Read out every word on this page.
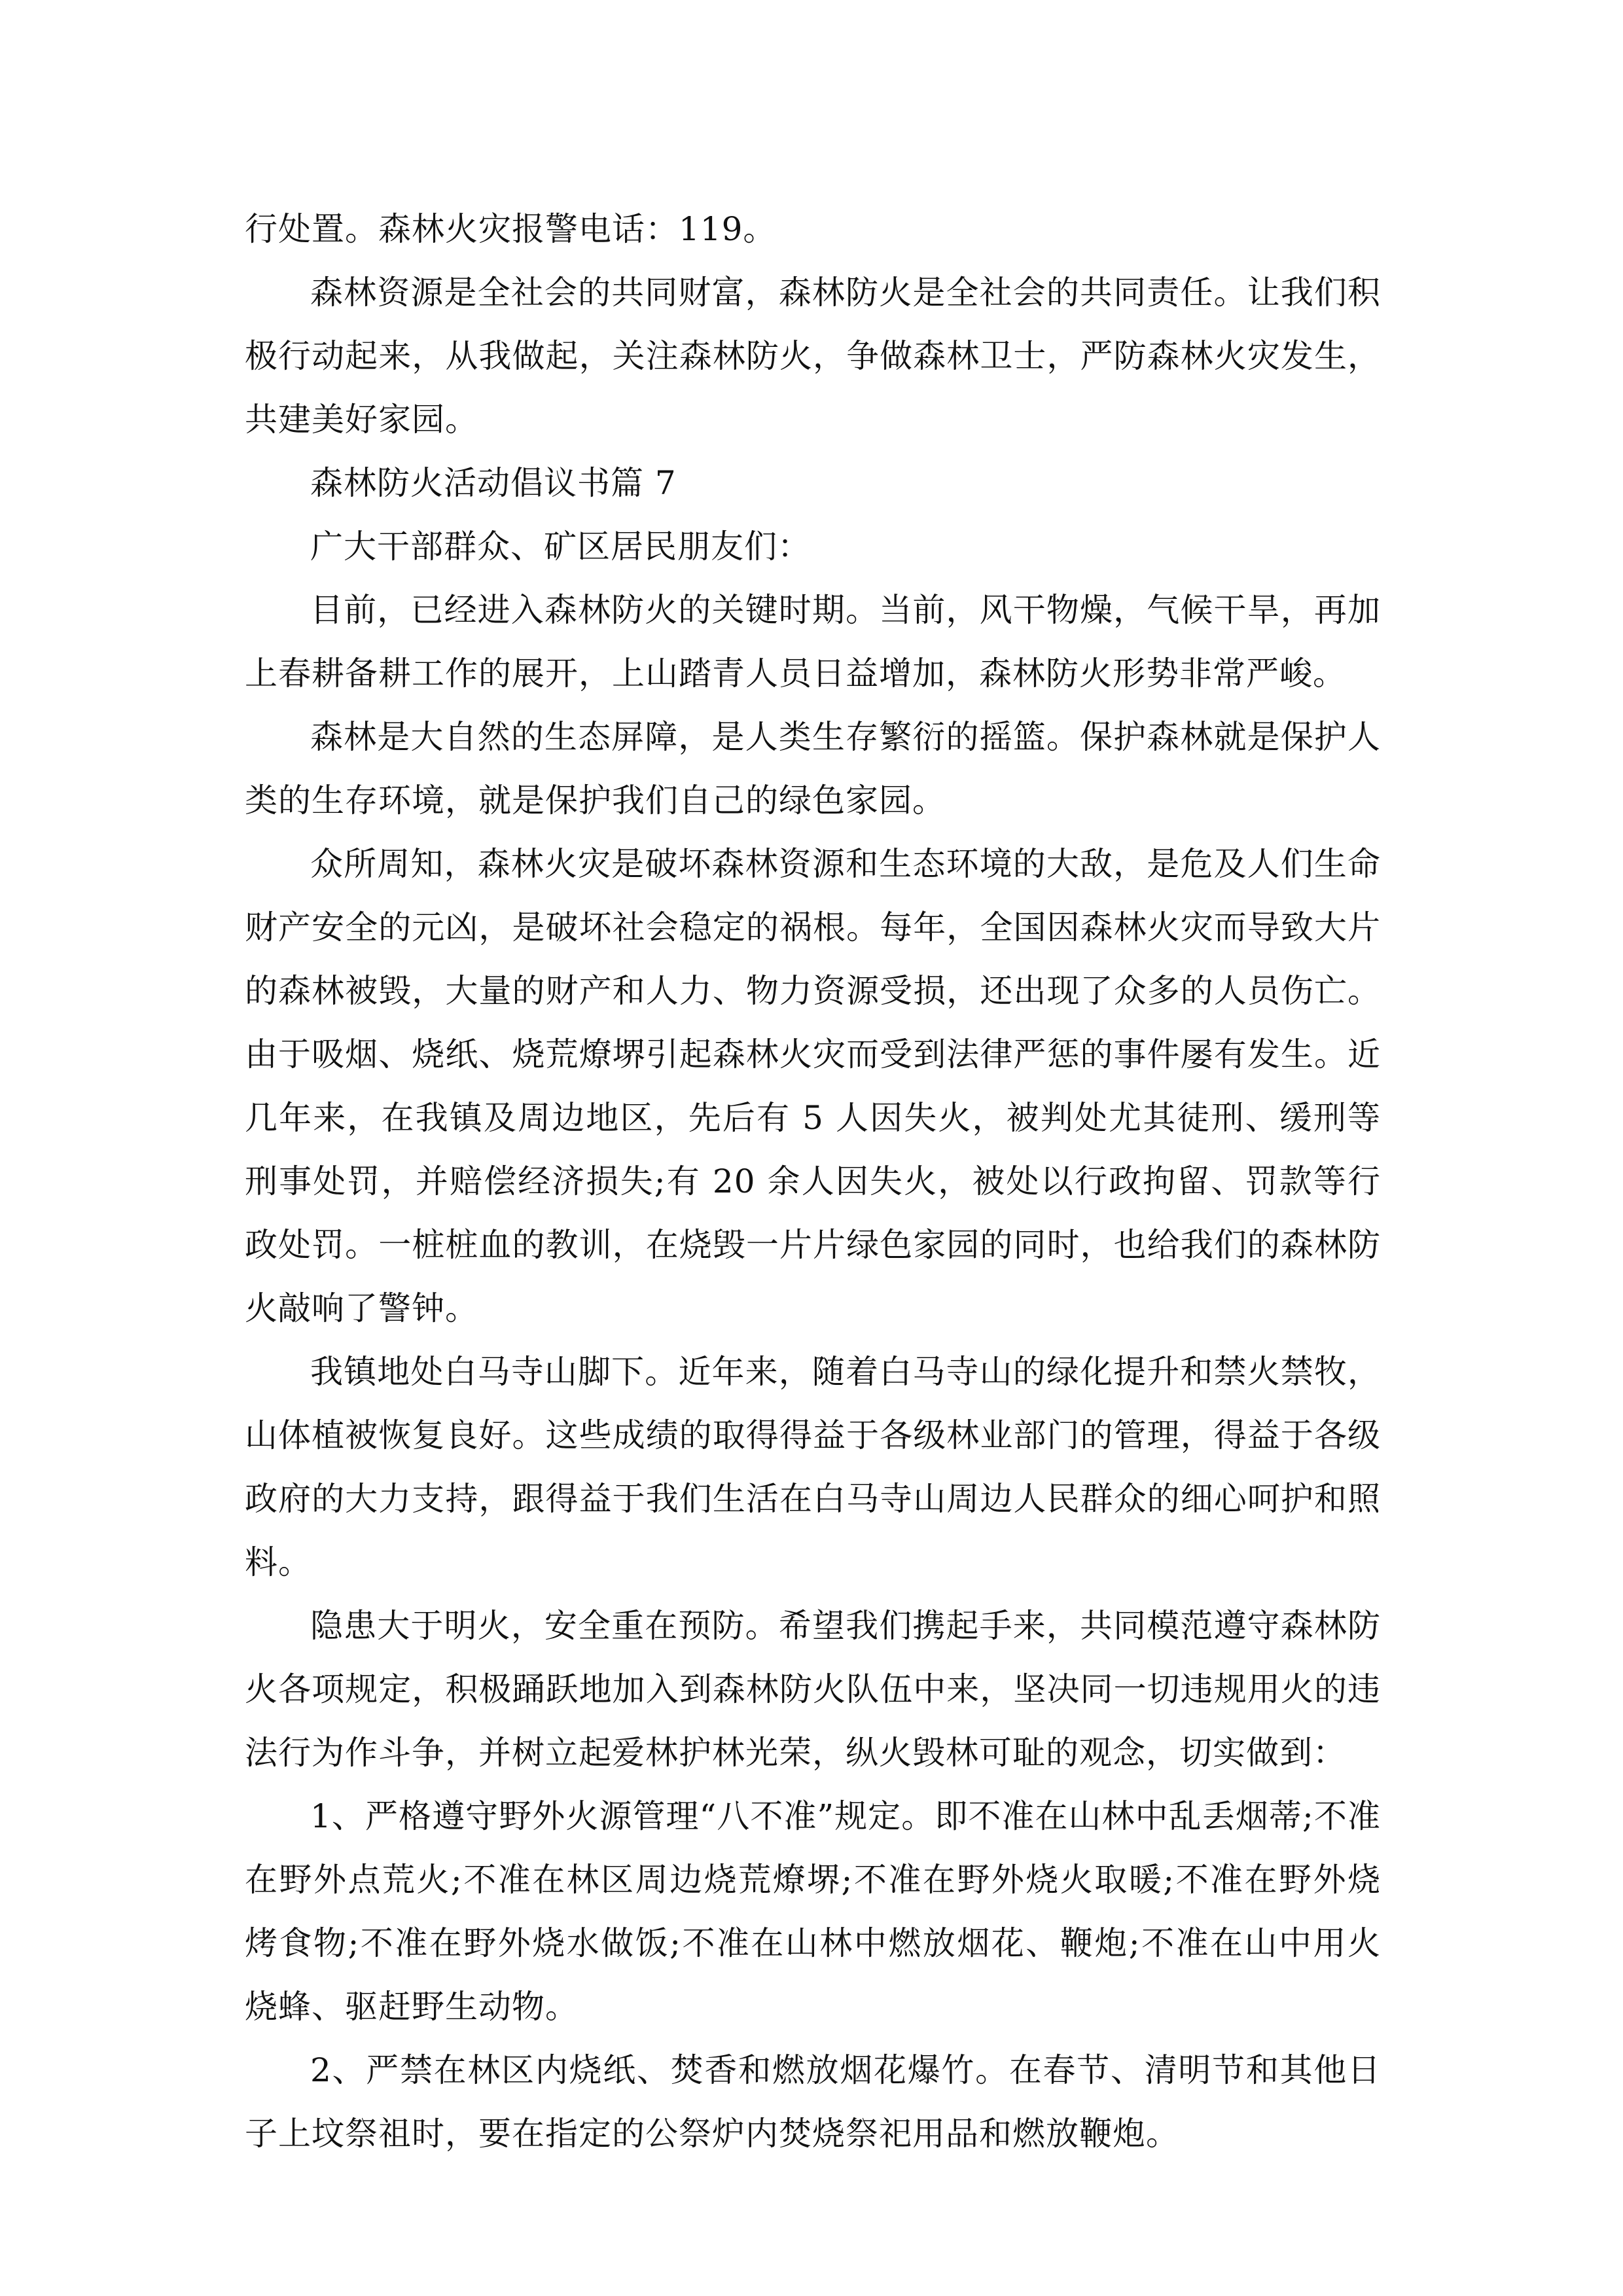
行处置。森林火灾报警电话：119。

森林资源是全社会的共同财富，森林防火是全社会的共同责任。让我们积极行动起来，从我做起，关注森林防火，争做森林卫士，严防森林火灾发生，共建美好家园。

森林防火活动倡议书篇 7

广大干部群众、矿区居民朋友们：

目前，已经进入森林防火的关键时期。当前，风干物燥，气候干旱，再加上春耕备耕工作的展开，上山踏青人员日益增加，森林防火形势非常严峻。

森林是大自然的生态屏障，是人类生存繁衍的摇篮。保护森林就是保护人类的生存环境，就是保护我们自己的绿色家园。

众所周知，森林火灾是破坏森林资源和生态环境的大敌，是危及人们生命财产安全的元凶，是破坏社会稳定的祸根。每年，全国因森林火灾而导致大片的森林被毁，大量的财产和人力、物力资源受损，还出现了众多的人员伤亡。由于吸烟、烧纸、烧荒燎堺引起森林火灾而受到法律严惩的事件屡有发生。近几年来，在我镇及周边地区，先后有 5 人因失火，被判处尤其徒刑、缓刑等刑事处罚，并赔偿经济损失;有 20 余人因失火，被处以行政拘留、罚款等行政处罚。一桩桩血的教训，在烧毁一片片绿色家园的同时，也给我们的森林防火敲响了警钟。

我镇地处白马寺山脚下。近年来，随着白马寺山的绿化提升和禁火禁牧，山体植被恢复良好。这些成绩的取得得益于各级林业部门的管理，得益于各级政府的大力支持，跟得益于我们生活在白马寺山周边人民群众的细心呵护和照料。

隐患大于明火，安全重在预防。希望我们携起手来，共同模范遵守森林防火各项规定，积极踊跃地加入到森林防火队伍中来，坚决同一切违规用火的违法行为作斗争，并树立起爱林护林光荣，纵火毁林可耻的观念，切实做到：

1、严格遵守野外火源管理“八不准”规定。即不准在山林中乱丢烟蒂;不准在野外点荒火;不准在林区周边烧荒燎堺;不准在野外烧火取暖;不准在野外烧烤食物;不准在野外烧水做饭;不准在山林中燃放烟花、鞭炮;不准在山中用火烧蜂、驱赶野生动物。

2、严禁在林区内烧纸、焚香和燃放烟花爆竹。在春节、清明节和其他日子上坟祭祖时，要在指定的公祭炉内焚烧祭祀用品和燃放鞭炮。
